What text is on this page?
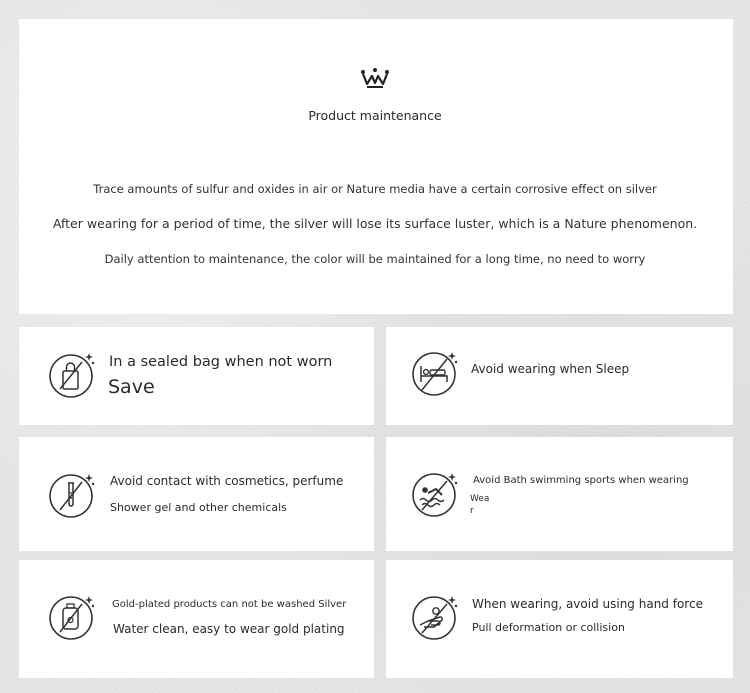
Product maintenance
Trace amounts of sulfur and oxides in air or Nature media have a certain corrosive effect on silver
After wearing for a period of time, the silver will lose its surface luster, which is a Nature phenomenon.
Daily attention to maintenance, the color will be maintained for a long time, no need to worry
In a sealed bag when not worn
Save
Avoid wearing when Sleep
Avoid contact with cosmetics, perfume
Shower gel and other chemicals
Avoid Bath swimming sports when wearing
Wea
r
Gold-plated products can not be washed Silver
Water clean, easy to wear gold plating
When wearing, avoid using hand force
Pull deformation or collision
